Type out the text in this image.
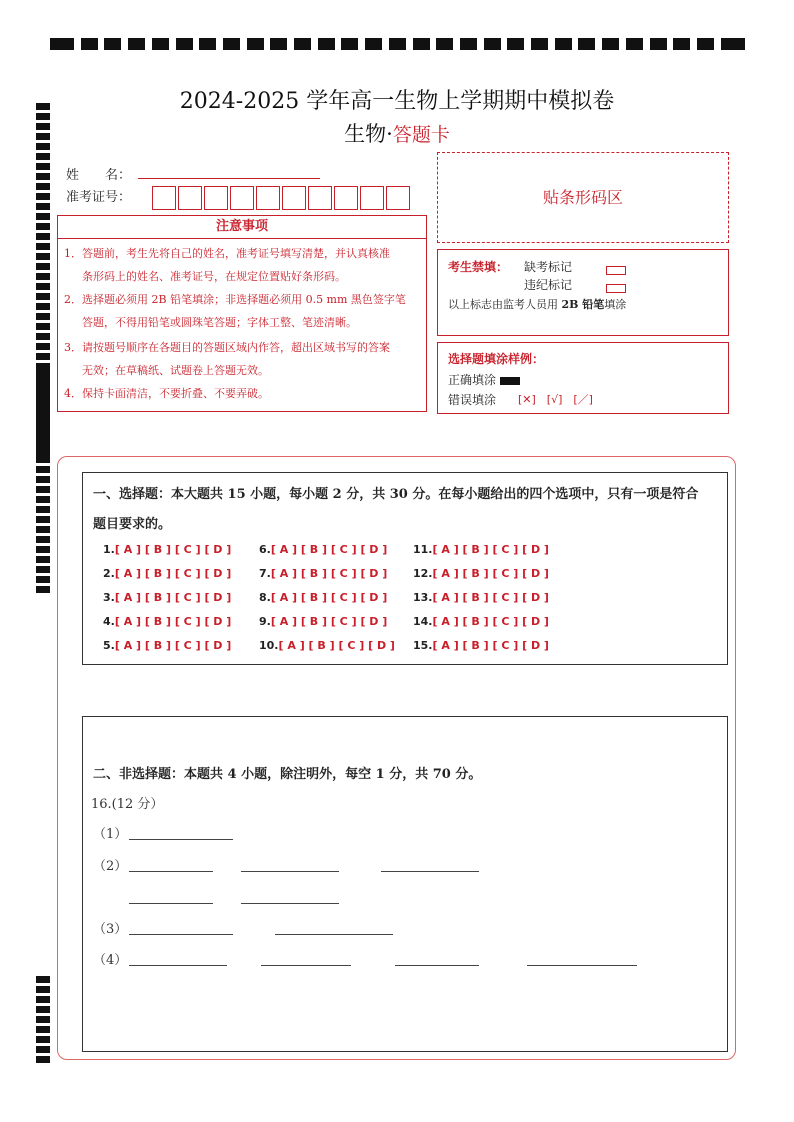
2024-2025 学年高一生物上学期期中模拟卷
生物·答题卡
姓　　名：
准考证号：	贴条形码区
注意事项
1．答题前，考生先将自己的姓名，准考证号填写清楚，并认真核准
条形码上的姓名、准考证号，在规定位置贴好条形码。
2．选择题必须用 2B 铅笔填涂；非选择题必须用 0.5 mm 黑色签字笔
答题，不得用铅笔或圆珠笔答题；字体工整、笔迹清晰。
3．请按题号顺序在各题目的答题区域内作答，超出区域书写的答案
无效；在草稿纸、试题卷上答题无效。
4．保持卡面清洁，不要折叠、不要弄破。
考生禁填： 缺考标记
违纪标记
以上标志由监考人员用 2B 铅笔填涂
选择题填涂样例：
正确填涂
错误填涂 [✕]　[√]　[／]
一、选择题：本大题共 15 小题，每小题 2 分，共 30 分。在每小题给出的四个选项中，只有一项是符合
题目要求的。
1.[ A ] [ B ] [ C ] [ D ]
2.[ A ] [ B ] [ C ] [ D ]
3.[ A ] [ B ] [ C ] [ D ]
4.[ A ] [ B ] [ C ] [ D ]
5.[ A ] [ B ] [ C ] [ D ]
6.[ A ] [ B ] [ C ] [ D ]
7.[ A ] [ B ] [ C ] [ D ]
8.[ A ] [ B ] [ C ] [ D ]
9.[ A ] [ B ] [ C ] [ D ]
10.[ A ] [ B ] [ C ] [ D ]
11.[ A ] [ B ] [ C ] [ D ]
12.[ A ] [ B ] [ C ] [ D ]
13.[ A ] [ B ] [ C ] [ D ]
14.[ A ] [ B ] [ C ] [ D ]
15.[ A ] [ B ] [ C ] [ D ]
二、非选择题：本题共 4 小题，除注明外，每空 1 分，共 70 分。
16.(12 分）
（1）
（2）
（3）
（4）
